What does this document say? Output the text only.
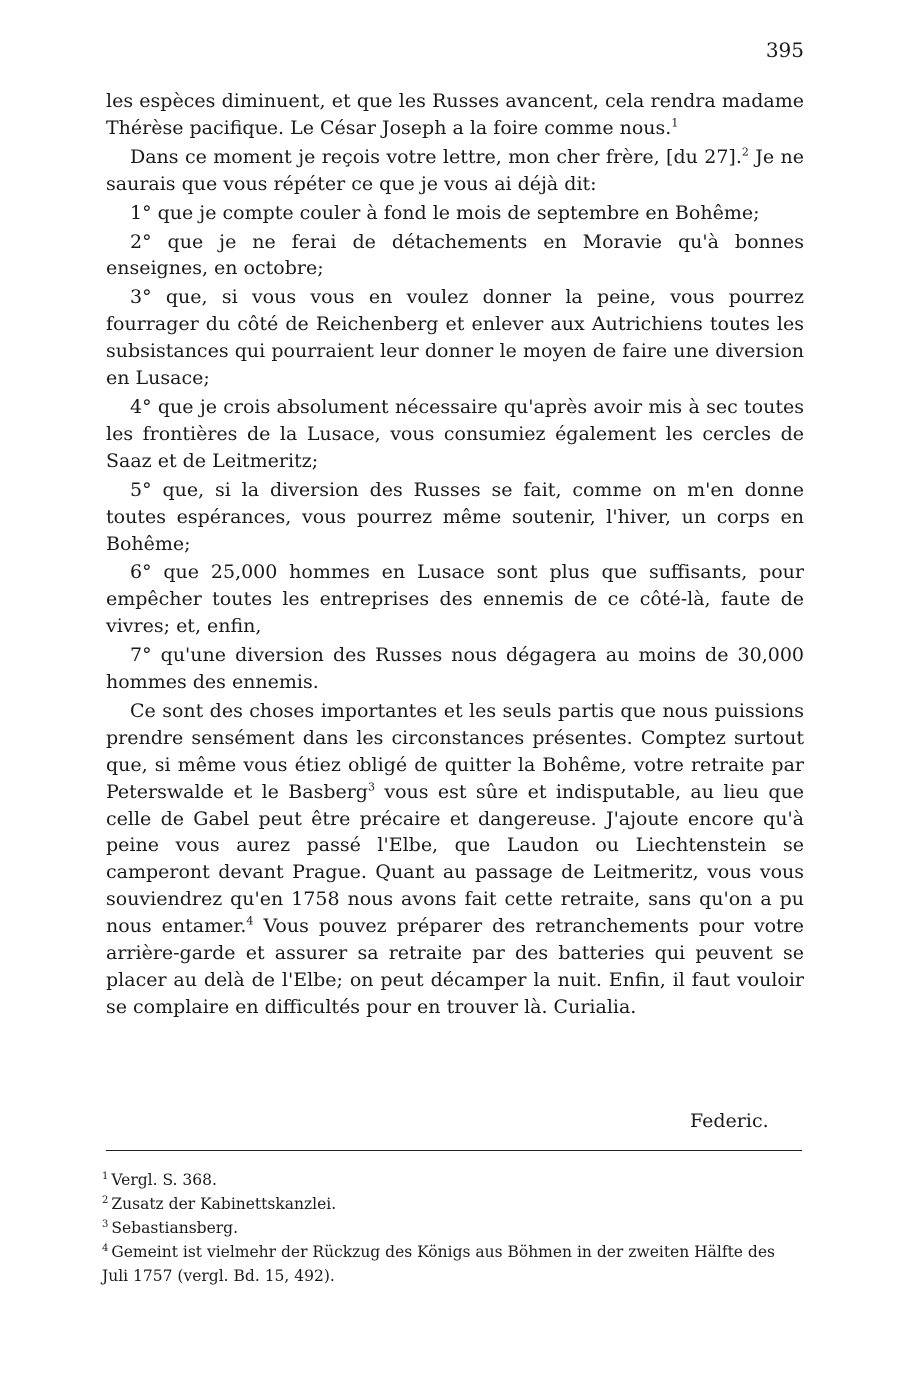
395

les espèces diminuent, et que les Russes avancent, cela rendra madame Thérèse pacifique. Le César Joseph a la foire comme nous.$^1$

Dans ce moment je reçois votre lettre, mon cher frère, [du 27].$^2$ Je ne saurais que vous répéter ce que je vous ai déjà dit:

1° que je compte couler à fond le mois de septembre en Bohême;

2° que je ne ferai de détachements en Moravie qu'à bonnes enseignes, en octobre;

3° que, si vous vous en voulez donner la peine, vous pourrez fourrager du côté de Reichenberg et enlever aux Autrichiens toutes les subsistances qui pourraient leur donner le moyen de faire une diversion en Lusace;

4° que je crois absolument nécessaire qu'après avoir mis à sec toutes les frontières de la Lusace, vous consumiez également les cercles de Saaz et de Leitmeritz;

5° que, si la diversion des Russes se fait, comme on m'en donne toutes espérances, vous pourrez même soutenir, l'hiver, un corps en Bohême;

6° que 25,000 hommes en Lusace sont plus que suffisants, pour empêcher toutes les entreprises des ennemis de ce côté-là, faute de vivres; et, enfin,

7° qu'une diversion des Russes nous dégagera au moins de 30,000 hommes des ennemis.

Ce sont des choses importantes et les seuls partis que nous puissions prendre sensément dans les circonstances présentes. Comptez surtout que, si même vous étiez obligé de quitter la Bohême, votre retraite par Peterswalde et le Basberg$^3$ vous est sûre et indisputable, au lieu que celle de Gabel peut être précaire et dangereuse. J'ajoute encore qu'à peine vous aurez passé l'Elbe, que Laudon ou Liechtenstein se camperont devant Prague. Quant au passage de Leitmeritz, vous vous souviendrez qu'en 1758 nous avons fait cette retraite, sans qu'on a pu nous entamer.$^4$ Vous pouvez préparer des retranchements pour votre arrière-garde et assurer sa retraite par des batteries qui peuvent se placer au delà de l'Elbe; on peut décamper la nuit. Enfin, il faut vouloir se complaire en difficultés pour en trouver là. Curialia.

Federic.
$^1$ Vergl. S. 368.
$^2$ Zusatz der Kabinettskanzlei.
$^3$ Sebastiansberg.
$^4$ Gemeint ist vielmehr der Rückzug des Königs aus Böhmen in der zweiten Hälfte des Juli 1757 (vergl. Bd. 15, 492).
